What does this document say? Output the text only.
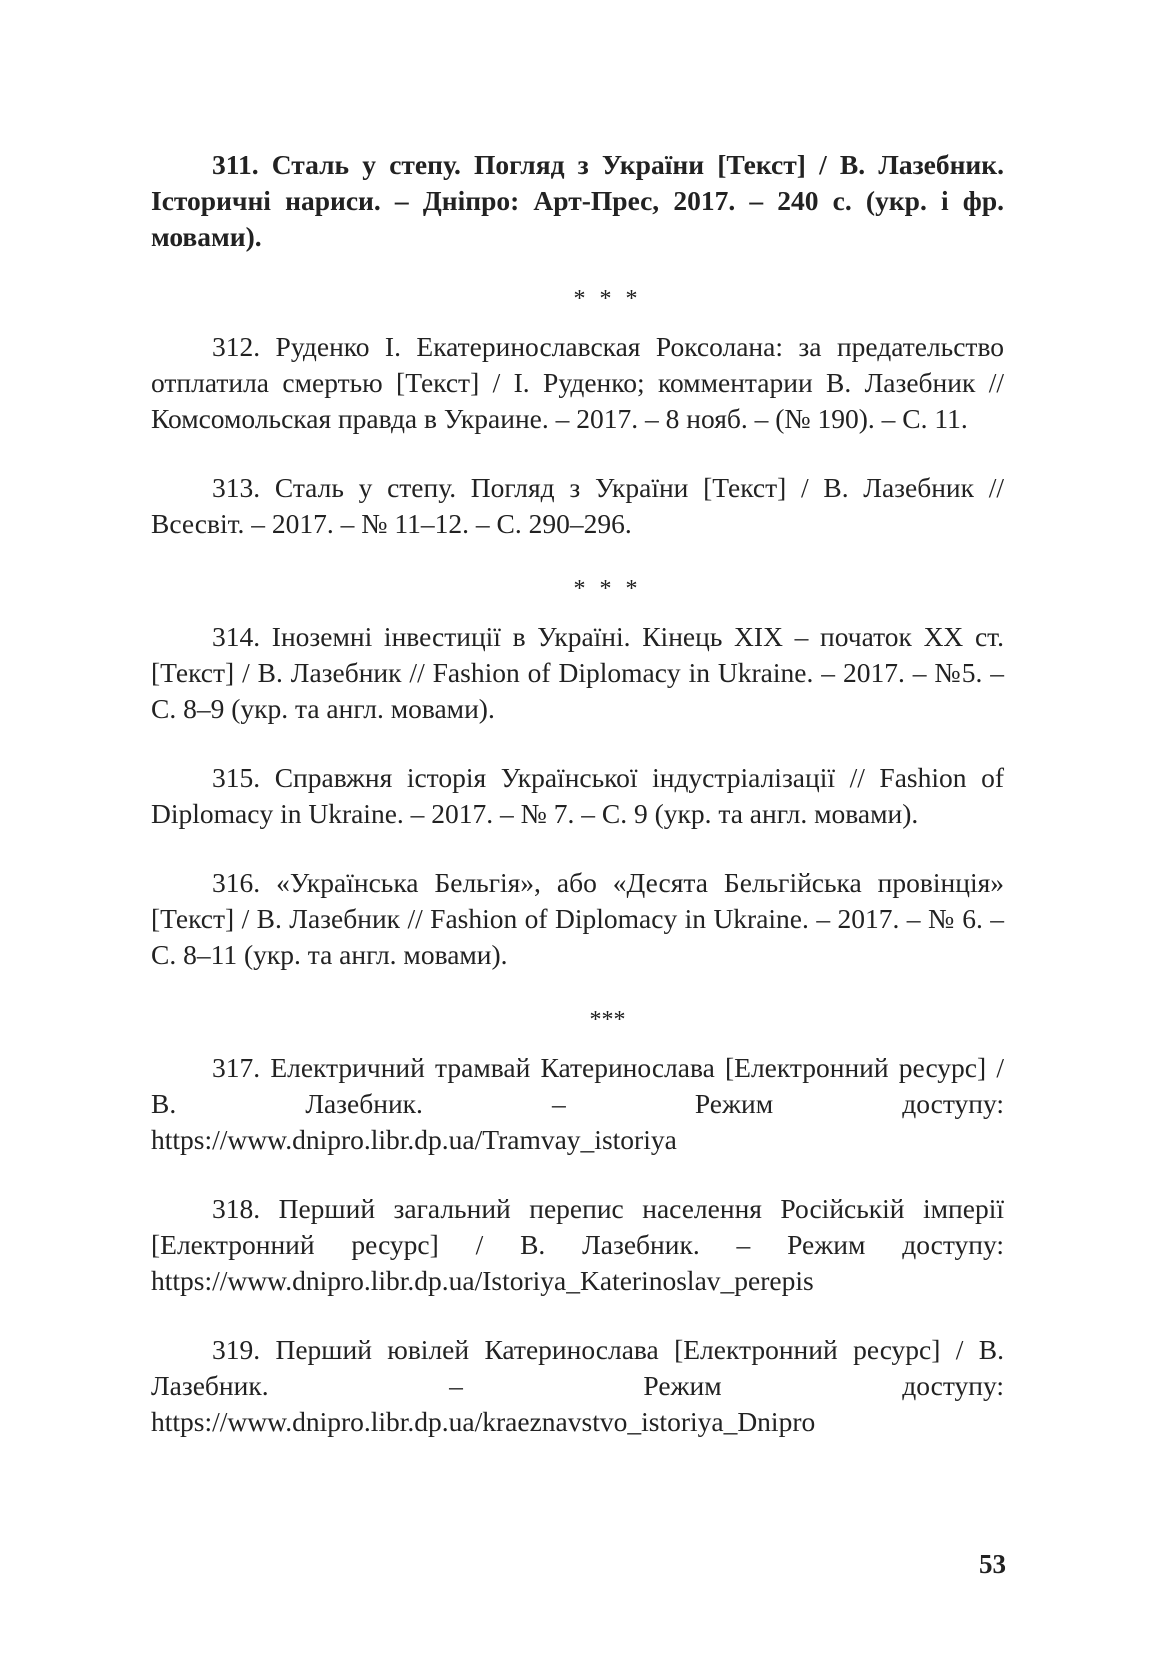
311. Сталь у степу. Погляд з України [Текст] / В. Лазебник. Історичні нариси. – Дніпро: Арт-Прес, 2017. – 240 с. (укр. і фр. мовами).

* * *

312. Руденко І. Екатеринославская Роксолана: за предательство отплатила смертью [Текст] / І. Руденко; комментарии В. Лазебник // Комсомольская правда в Украине. – 2017. – 8 нояб. – (№ 190). – С. 11.

313. Сталь у степу. Погляд з України [Текст] / В. Лазебник // Всесвіт. – 2017. – № 11–12. – С. 290–296.

* * *

314. Іноземні інвестиції в Україні. Кінець ХІХ – початок ХХ ст. [Текст] / В. Лазебник // Fashion of Diplomacy in Ukraine. – 2017. – №5. – С. 8–9 (укр. та англ. мовами).

315. Справжня історія Української індустріалізації // Fashion of Diplomacy in Ukraine. – 2017. – № 7. – С. 9 (укр. та англ. мовами).

316. «Українська Бельгія», або «Десята Бельгійська провінція» [Текст] / В. Лазебник // Fashion of Diplomacy in Ukraine. – 2017. – № 6. – С. 8–11 (укр. та англ. мовами).

***

317. Електричний трамвай Катеринослава [Електронний ресурс] / В. Лазебник. – Режим доступу: https://www.dnipro.libr.dp.ua/Tramvay_istoriya

318. Перший загальний перепис населення Російській імперії [Електронний ресурс] / В. Лазебник. – Режим доступу: https://www.dnipro.libr.dp.ua/Istoriya_Katerinoslav_perepis

319. Перший ювілей Катеринослава [Електронний ресурс] / В. Лазебник. – Режим доступу: https://www.dnipro.libr.dp.ua/kraeznavstvo_istoriya_Dnipro

53
